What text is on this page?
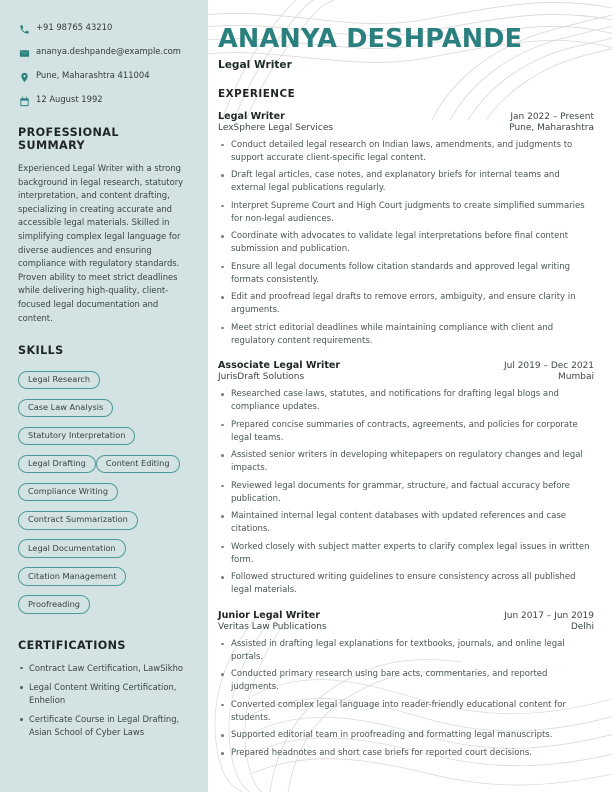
+91 98765 43210
ananya.deshpande@example.com
Pune, Maharashtra 411004
12 August 1992
PROFESSIONAL SUMMARY

Experienced Legal Writer with a strong background in legal research, statutory interpretation, and content drafting, specializing in creating accurate and accessible legal materials. Skilled in simplifying complex legal language for diverse audiences and ensuring compliance with regulatory standards. Proven ability to meet strict deadlines while delivering high-quality, client-focused legal documentation and content.

SKILLS
Legal ResearchCase Law AnalysisStatutory InterpretationLegal Drafting Content EditingCompliance WritingContract SummarizationLegal DocumentationCitation ManagementProofreading
CERTIFICATIONS
Contract Law Certification, LawSikho
Legal Content Writing Certification, Enhelion
Certificate Course in Legal Drafting, Asian School of Cyber Laws
ANANYA DESHPANDE
Legal Writer
EXPERIENCE
Legal Writer	Jan 2022 – Present
LexSphere Legal Services	Pune, Maharashtra
Conduct detailed legal research on Indian laws, amendments, and judgments to support accurate client-specific legal content.
Draft legal articles, case notes, and explanatory briefs for internal teams and external legal publications regularly.
Interpret Supreme Court and High Court judgments to create simplified summaries for non-legal audiences.
Coordinate with advocates to validate legal interpretations before final content submission and publication.
Ensure all legal documents follow citation standards and approved legal writing formats consistently.
Edit and proofread legal drafts to remove errors, ambiguity, and ensure clarity in arguments.
Meet strict editorial deadlines while maintaining compliance with client and regulatory content requirements.
Associate Legal Writer	Jul 2019 – Dec 2021
JurisDraft Solutions	Mumbai
Researched case laws, statutes, and notifications for drafting legal blogs and compliance updates.
Prepared concise summaries of contracts, agreements, and policies for corporate legal teams.
Assisted senior writers in developing whitepapers on regulatory changes and legal impacts.
Reviewed legal documents for grammar, structure, and factual accuracy before publication.
Maintained internal legal content databases with updated references and case citations.
Worked closely with subject matter experts to clarify complex legal issues in written form.
Followed structured writing guidelines to ensure consistency across all published legal materials.
Junior Legal Writer	Jun 2017 – Jun 2019
Veritas Law Publications	Delhi
Assisted in drafting legal explanations for textbooks, journals, and online legal portals.
Conducted primary research using bare acts, commentaries, and reported judgments.
Converted complex legal language into reader-friendly educational content for students.
Supported editorial team in proofreading and formatting legal manuscripts.
Prepared headnotes and short case briefs for reported court decisions.
